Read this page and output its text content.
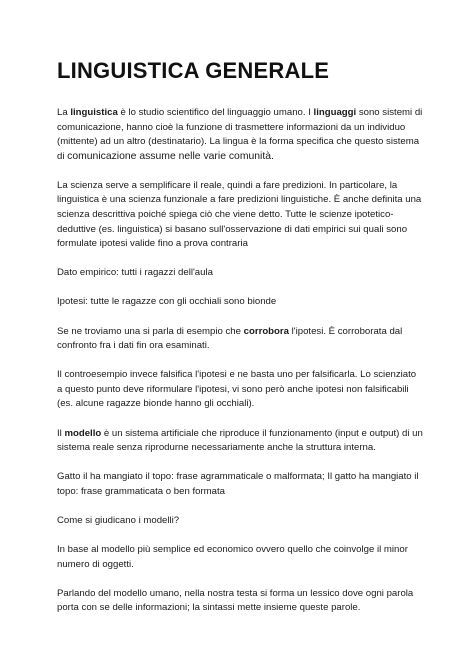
LINGUISTICA GENERALE

La linguistica è lo studio scientifico del linguaggio umano. I linguaggi sono sistemi di comunicazione, hanno cioè la funzione di trasmettere informazioni da un individuo (mittente) ad un altro (destinatario). La lingua è la forma specifica che questo sistema di comunicazione assume nelle varie comunità.

La scienza serve a semplificare il reale, quindi a fare predizioni. In particolare, la linguistica è una scienza funzionale a fare predizioni linguistiche. È anche definita una scienza descrittiva poiché spiega ciò che viene detto. Tutte le scienze ipotetico-deduttive (es. linguistica) si basano sull'osservazione di dati empirici sui quali sono formulate ipotesi valide fino a prova contraria

Dato empirico: tutti i ragazzi dell'aula

Ipotesi: tutte le ragazze con gli occhiali sono bionde

Se ne troviamo una si parla di esempio che corrobora l'ipotesi. È corroborata dal confronto fra i dati fin ora esaminati.

Il controesempio invece falsifica l'ipotesi e ne basta uno per falsificarla. Lo scienziato a questo punto deve riformulare l'ipotesi, vi sono però anche ipotesi non falsificabili (es. alcune ragazze bionde hanno gli occhiali).

Il modello è un sistema artificiale che riproduce il funzionamento (input e output) di un sistema reale senza riprodurne necessariamente anche la struttura interna.

Gatto il ha mangiato il topo: frase agrammaticale o malformata; Il gatto ha mangiato il topo: frase grammaticata o ben formata

Come si giudicano i modelli?

In base al modello più semplice ed economico ovvero quello che coinvolge il minor numero di oggetti.

Parlando del modello umano, nella nostra testa si forma un lessico dove ogni parola porta con se delle informazioni; la sintassi mette insieme queste parole.
